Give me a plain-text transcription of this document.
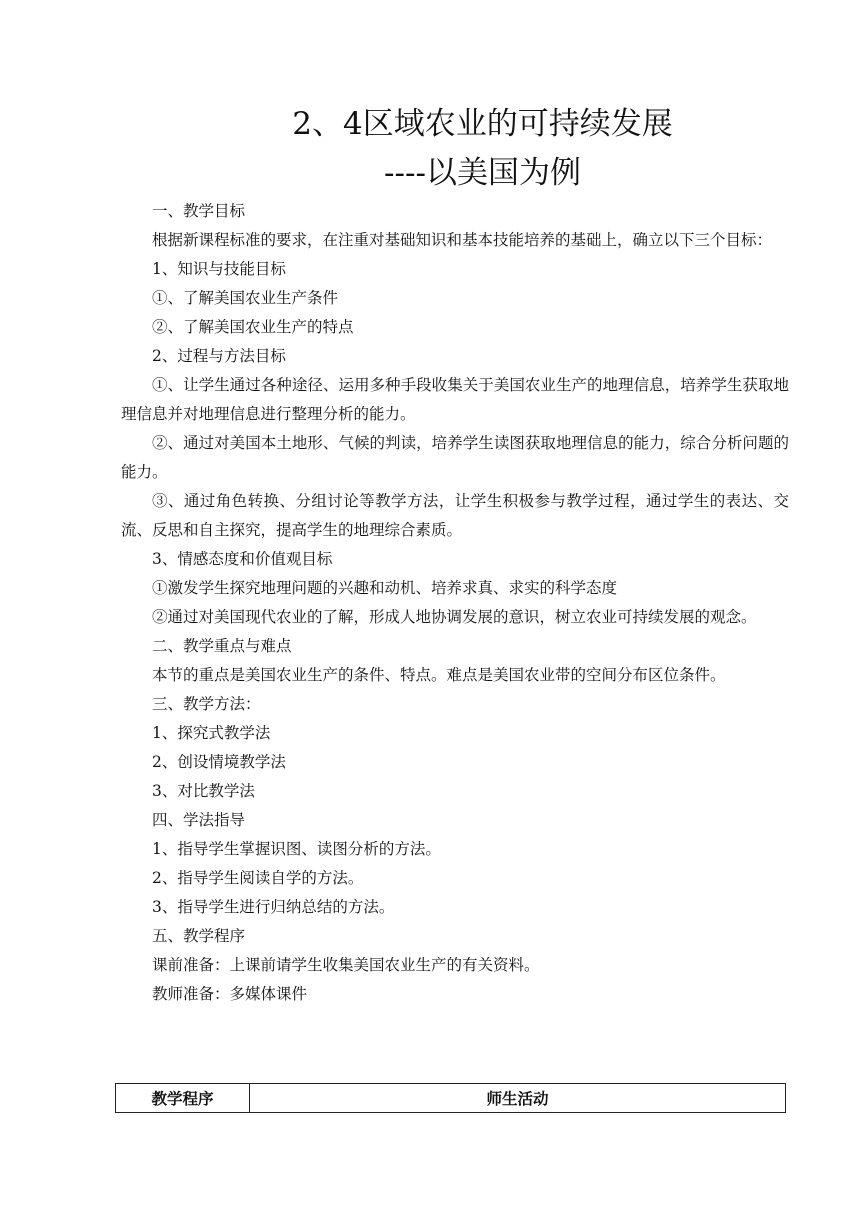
2、4区域农业的可持续发展
----以美国为例
一、教学目标
根据新课程标准的要求，在注重对基础知识和基本技能培养的基础上，确立以下三个目标：
1、知识与技能目标
①、了解美国农业生产条件
②、了解美国农业生产的特点
2、过程与方法目标
①、让学生通过各种途径、运用多种手段收集关于美国农业生产的地理信息，培养学生获取地理信息并对地理信息进行整理分析的能力。
②、通过对美国本土地形、气候的判读，培养学生读图获取地理信息的能力，综合分析问题的能力。
③、通过角色转换、分组讨论等教学方法，让学生积极参与教学过程，通过学生的表达、交流、反思和自主探究，提高学生的地理综合素质。
3、情感态度和价值观目标
①激发学生探究地理问题的兴趣和动机、培养求真、求实的科学态度
②通过对美国现代农业的了解，形成人地协调发展的意识，树立农业可持续发展的观念。
二、教学重点与难点
本节的重点是美国农业生产的条件、特点。难点是美国农业带的空间分布区位条件。
三、教学方法：
1、探究式教学法
2、创设情境教学法
3、对比教学法
四、学法指导
1、指导学生掌握识图、读图分析的方法。
2、指导学生阅读自学的方法。
3、指导学生进行归纳总结的方法。
五、教学程序
课前准备：上课前请学生收集美国农业生产的有关资料。
教师准备：多媒体课件
教学程序	师生活动
